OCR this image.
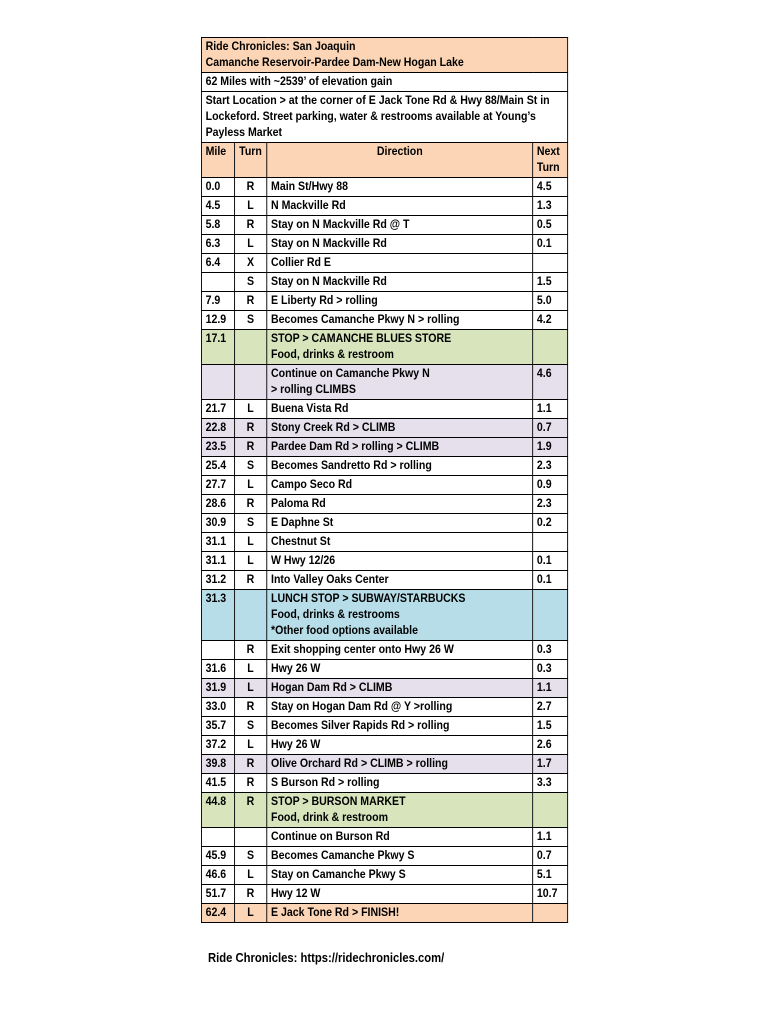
Ride Chronicles: San Joaquin
Camanche Reservoir-Pardee Dam-New Hogan Lake			

62 Miles with ~2539’ of elevation gain			
Start Location > at the corner of E Jack Tone Rd & Hwy 88/Main St in Lockeford. Street parking, water & restrooms available at Young’s Payless Market			
Mile	Turn	Direction	Next Turn
0.0	R	Main St/Hwy 88	4.5
4.5	L	N Mackville Rd	1.3
5.8	R	Stay on N Mackville Rd @ T	0.5
6.3	L	Stay on N Mackville Rd	0.1
6.4	X	Collier Rd E	
	S	Stay on N Mackville Rd	1.5
7.9	R	E Liberty Rd > rolling	5.0
12.9	S	Becomes Camanche Pkwy N > rolling	4.2
17.1		STOP > CAMANCHE BLUES STORE
Food, drinks & restroom	
		Continue on Camanche Pkwy N
> rolling CLIMBS	4.6
21.7	L	Buena Vista Rd	1.1
22.8	R	Stony Creek Rd > CLIMB	0.7
23.5	R	Pardee Dam Rd > rolling > CLIMB	1.9
25.4	S	Becomes Sandretto Rd > rolling	2.3
27.7	L	Campo Seco Rd	0.9
28.6	R	Paloma Rd	2.3
30.9	S	E Daphne St	0.2
31.1	L	Chestnut St	
31.1	L	W Hwy 12/26	0.1
31.2	R	Into Valley Oaks Center	0.1
31.3		LUNCH STOP > SUBWAY/STARBUCKS
Food, drinks & restrooms
*Other food options available	
	R	Exit shopping center onto Hwy 26 W	0.3
31.6	L	Hwy 26 W	0.3
31.9	L	Hogan Dam Rd > CLIMB	1.1
33.0	R	Stay on Hogan Dam Rd @ Y >rolling	2.7
35.7	S	Becomes Silver Rapids Rd > rolling	1.5
37.2	L	Hwy 26 W	2.6
39.8	R	Olive Orchard Rd > CLIMB > rolling	1.7
41.5	R	S Burson Rd > rolling	3.3
44.8	R	STOP > BURSON MARKET
Food, drink & restroom	
		Continue on Burson Rd	1.1
45.9	S	Becomes Camanche Pkwy S	0.7
46.6	L	Stay on Camanche Pkwy S	5.1
51.7	R	Hwy 12 W	10.7
62.4	L	E Jack Tone Rd > FINISH!	
Ride Chronicles: https://ridechronicles.com/
